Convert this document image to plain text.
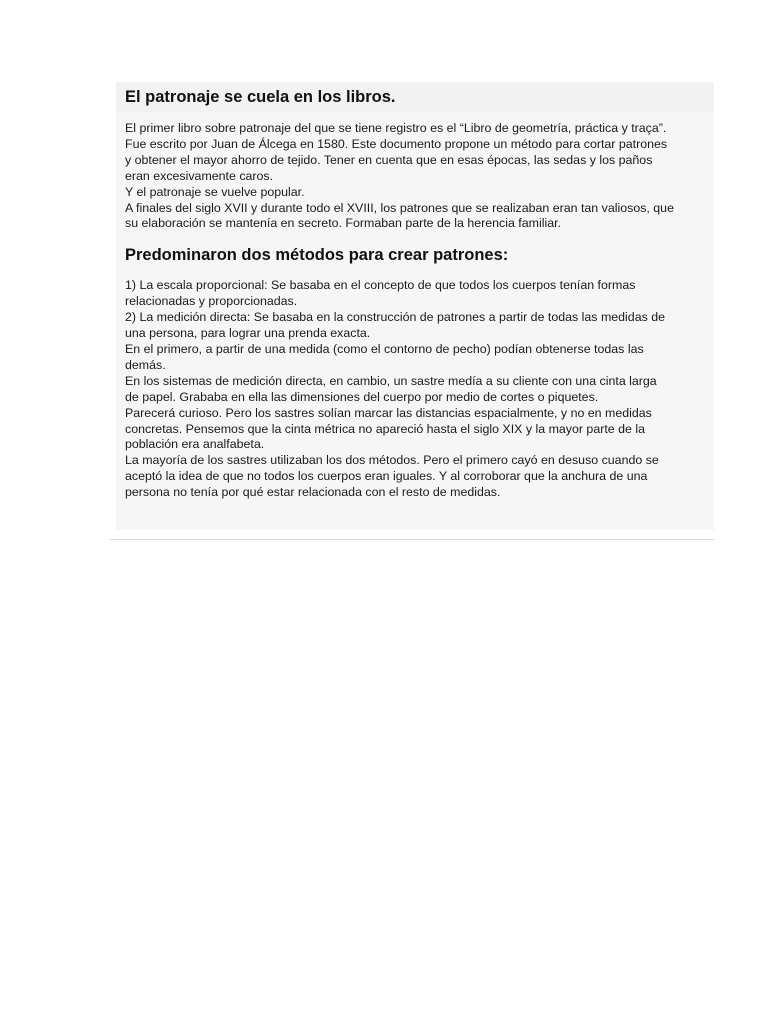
El patronaje se cuela en los libros.

El primer libro sobre patronaje del que se tiene registro es el “Libro de geometría, práctica y traça”.

Fue escrito por Juan de Álcega en 1580. Este documento propone un método para cortar patrones

y obtener el mayor ahorro de tejido. Tener en cuenta que en esas épocas, las sedas y los paños

eran excesivamente caros.

Y el patronaje se vuelve popular.

A finales del siglo XVII y durante todo el XVIII, los patrones que se realizaban eran tan valiosos, que

su elaboración se mantenía en secreto. Formaban parte de la herencia familiar.

Predominaron dos métodos para crear patrones:

1) La escala proporcional: Se basaba en el concepto de que todos los cuerpos tenían formas

relacionadas y proporcionadas.

2) La medición directa: Se basaba en la construcción de patrones a partir de todas las medidas de

una persona, para lograr una prenda exacta.

En el primero, a partir de una medida (como el contorno de pecho) podían obtenerse todas las

demás.

En los sistemas de medición directa, en cambio, un sastre medía a su cliente con una cinta larga

de papel. Grababa en ella las dimensiones del cuerpo por medio de cortes o piquetes.

Parecerá curioso. Pero los sastres solían marcar las distancias espacialmente, y no en medidas

concretas. Pensemos que la cinta métrica no apareció hasta el siglo XIX y la mayor parte de la

población era analfabeta.

La mayoría de los sastres utilizaban los dos métodos. Pero el primero cayó en desuso cuando se

aceptó la idea de que no todos los cuerpos eran iguales. Y al corroborar que la anchura de una

persona no tenía por qué estar relacionada con el resto de medidas.
